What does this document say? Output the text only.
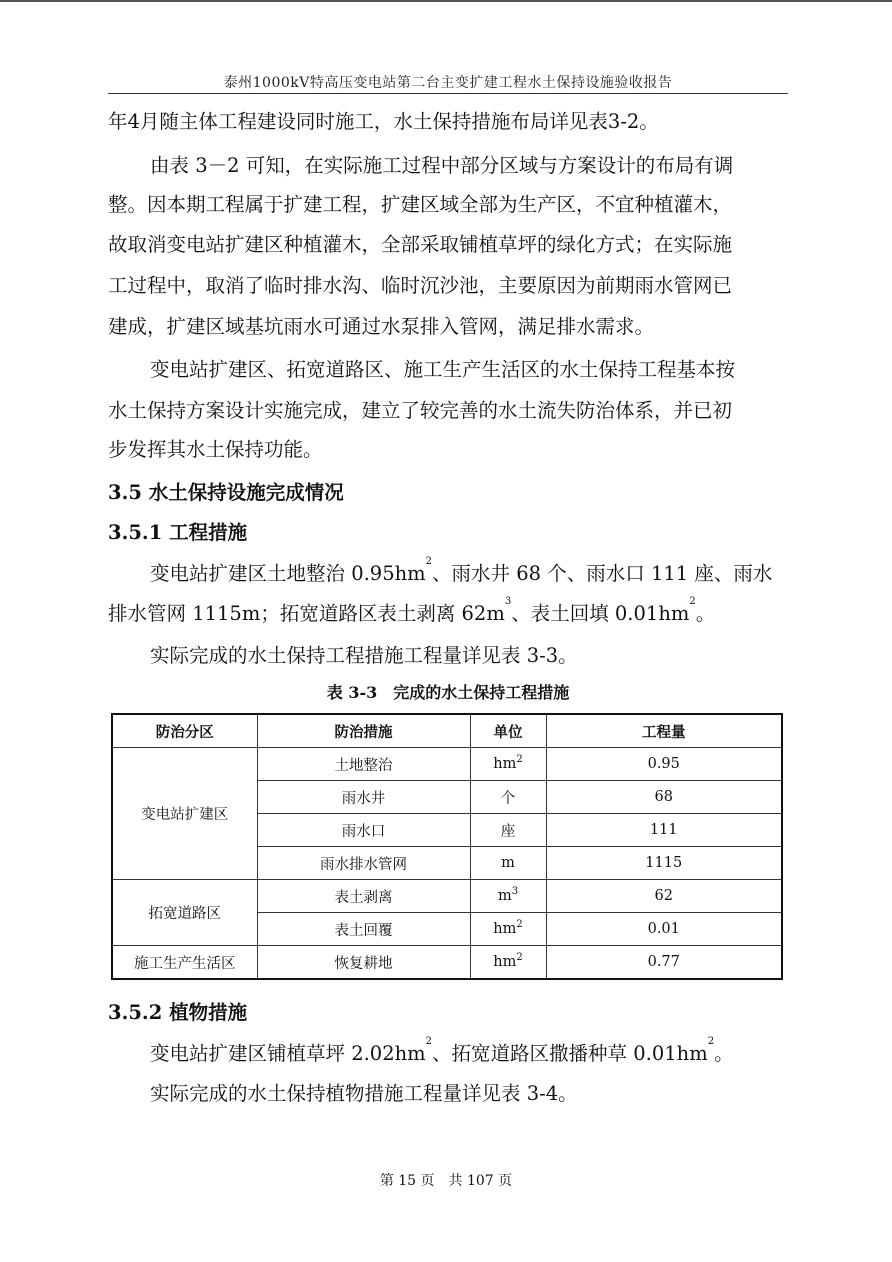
泰州1000kV特高压变电站第二台主变扩建工程水土保持设施验收报告

年4月随主体工程建设同时施工，水土保持措施布局详见表3-2。

由表 3－2 可知，在实际施工过程中部分区域与方案设计的布局有调

整。因本期工程属于扩建工程，扩建区域全部为生产区，不宜种植灌木，

故取消变电站扩建区种植灌木，全部采取铺植草坪的绿化方式；在实际施

工过程中，取消了临时排水沟、临时沉沙池，主要原因为前期雨水管网已

建成，扩建区域基坑雨水可通过水泵排入管网，满足排水需求。

变电站扩建区、拓宽道路区、施工生产生活区的水土保持工程基本按

水土保持方案设计实施完成，建立了较完善的水土流失防治体系，并已初

步发挥其水土保持功能。

3.5 水土保持设施完成情况

3.5.1 工程措施

变电站扩建区土地整治 $0.95hm^2$、雨水井 68 个、雨水口 111 座、雨水

排水管网 1115m；拓宽道路区表土剥离 $62m^3$、表土回填 $0.01hm^2$。

实际完成的水土保持工程措施工程量详见表 3-3。

表 3-3　完成的水土保持工程措施
防治分区	防治措施	单位	工程量
变电站扩建区	土地整治	$hm^2$	0.95
	雨水井	个	68
	雨水口	座	111
	雨水排水管网	m	1115
拓宽道路区	表土剥离	$m^3$	62
	表土回覆	$hm^2$	0.01
施工生产生活区	恢复耕地	$hm^2$	0.77

3.5.2 植物措施

变电站扩建区铺植草坪 $2.02hm^2$、拓宽道路区撒播种草 $0.01hm^2$。

实际完成的水土保持植物措施工程量详见表 3-4。

第 15 页　共 107 页
